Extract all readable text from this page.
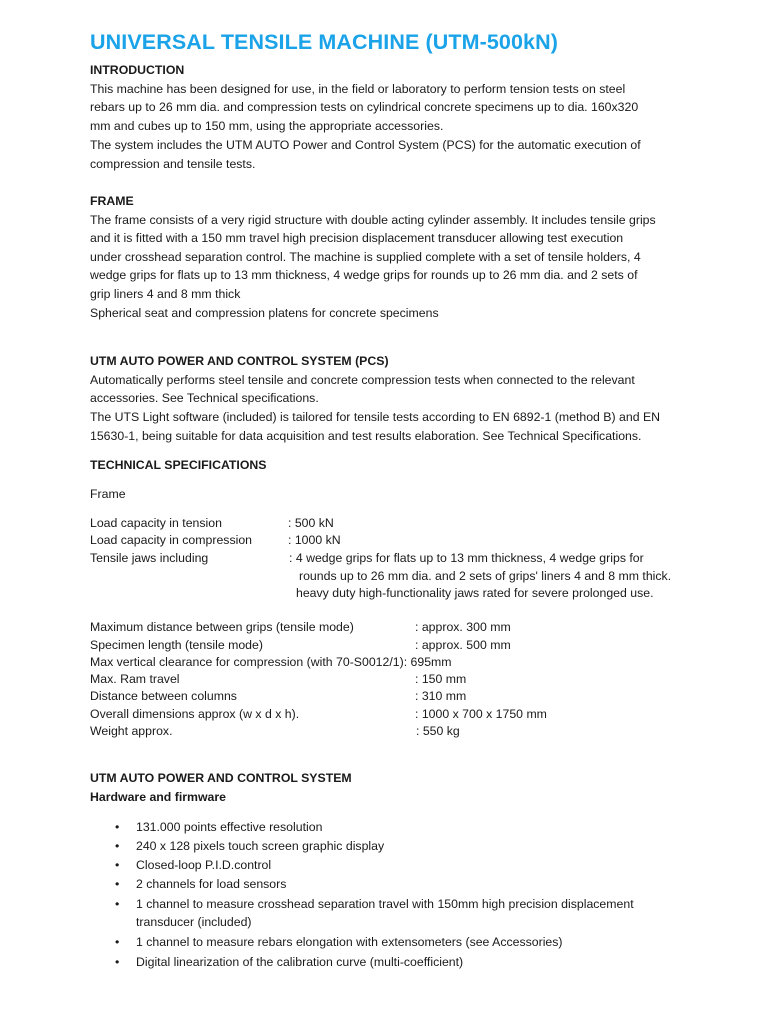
UNIVERSAL TENSILE MACHINE (UTM-500kN)
INTRODUCTION
This machine has been designed for use, in the field or laboratory to perform tension tests on steel
rebars up to 26 mm dia. and compression tests on cylindrical concrete specimens up to dia. 160x320
mm and cubes up to 150 mm, using the appropriate accessories.
The system includes the UTM AUTO Power and Control System (PCS) for the automatic execution of
compression and tensile tests.
FRAME
The frame consists of a very rigid structure with double acting cylinder assembly. It includes tensile grips
and it is fitted with a 150 mm travel high precision displacement transducer allowing test execution
under crosshead separation control. The machine is supplied complete with a set of tensile holders, 4
wedge grips for flats up to 13 mm thickness, 4 wedge grips for rounds up to 26 mm dia. and 2 sets of
grip liners 4 and 8 mm thick
Spherical seat and compression platens for concrete specimens
UTM AUTO POWER AND CONTROL SYSTEM (PCS)
Automatically performs steel tensile and concrete compression tests when connected to the relevant
accessories. See Technical specifications.
The UTS Light software (included) is tailored for tensile tests according to EN 6892-1 (method B) and EN
15630-1, being suitable for data acquisition and test results elaboration. See Technical Specifications.
TECHNICAL SPECIFICATIONS
Frame
Load capacity in tension	: 500 kN
Load capacity in compression	: 1000 kN
Tensile jaws including	: 4 wedge grips for flats up to 13 mm thickness, 4 wedge grips for
rounds up to 26 mm dia. and 2 sets of grips' liners 4 and 8 mm thick.
heavy duty high-functionality jaws rated for severe prolonged use.
Maximum distance between grips (tensile mode)	: approx. 300 mm
Specimen length (tensile mode)	: approx. 500 mm
Max vertical clearance for compression (with 70-S0012/1): 695mm
Max. Ram travel	: 150 mm
Distance between columns	: 310 mm
Overall dimensions approx (w x d x h).	: 1000 x 700 x 1750 mm
Weight approx.	: 550 kg
UTM AUTO POWER AND CONTROL SYSTEM
Hardware and firmware
• 131.000 points effective resolution
• 240 x 128 pixels touch screen graphic display
• Closed-loop P.I.D.control
• 2 channels for load sensors
• 1 channel to measure crosshead separation travel with 150mm high precision displacement
transducer (included)
• 1 channel to measure rebars elongation with extensometers (see Accessories)
• Digital linearization of the calibration curve (multi-coefficient)
